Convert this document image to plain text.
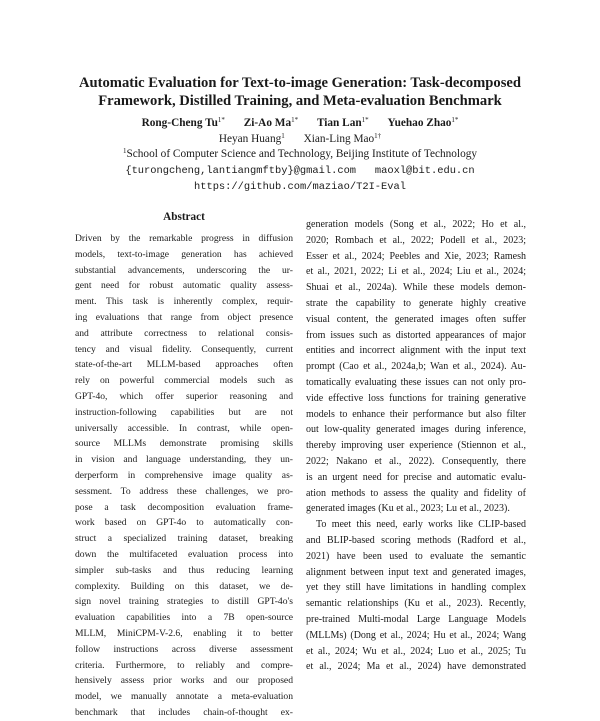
Automatic Evaluation for Text-to-image Generation: Task-decomposed
Framework, Distilled Training, and Meta-evaluation Benchmark
Rong-Cheng $Tu^{1*}$ Zi-Ao $Ma^{1*}$ Tian Lan$^{1*}$ Yuehao Zhao$^{1*}$
Heyan Huang$^1$ Xian-Ling Mao$^{1\dagger}$
$^1$School of Computer Science and Technology, Beijing Institute of Technology
{turongcheng,lantiangmftby}@gmail.com maoxl@bit.edu.cn
https://github.com/maziao/T2I-Eval
Abstract
Driven by the remarkable progress in diffusion
models, text-to-image generation has achieved
substantial advancements, underscoring the ur-
gent need for robust automatic quality assess-
ment. This task is inherently complex, requir-
ing evaluations that range from object presence
and attribute correctness to relational consis-
tency and visual fidelity. Consequently, current
state-of-the-art MLLM-based approaches often
rely on powerful commercial models such as
GPT-4o, which offer superior reasoning and
instruction-following capabilities but are not
universally accessible. In contrast, while open-
source MLLMs demonstrate promising skills
in vision and language understanding, they un-
derperform in comprehensive image quality as-
sessment. To address these challenges, we pro-
pose a task decomposition evaluation frame-
work based on GPT-4o to automatically con-
struct a specialized training dataset, breaking
down the multifaceted evaluation process into
simpler sub-tasks and thus reducing learning
complexity. Building on this dataset, we de-
sign novel training strategies to distill GPT-4o's
evaluation capabilities into a 7B open-source
MLLM, MiniCPM-V-2.6, enabling it to better
follow instructions across diverse assessment
criteria. Furthermore, to reliably and compre-
hensively assess prior works and our proposed
model, we manually annotate a meta-evaluation
benchmark that includes chain-of-thought ex-
generation models (Song et al., 2022; Ho et al.,
2020; Rombach et al., 2022; Podell et al., 2023;
Esser et al., 2024; Peebles and Xie, 2023; Ramesh
et al., 2021, 2022; Li et al., 2024; Liu et al., 2024;
Shuai et al., 2024a). While these models demon-
strate the capability to generate highly creative
visual content, the generated images often suffer
from issues such as distorted appearances of major
entities and incorrect alignment with the input text
prompt (Cao et al., 2024a,b; Wan et al., 2024). Au-
tomatically evaluating these issues can not only pro-
vide effective loss functions for training generative
models to enhance their performance but also filter
out low-quality generated images during inference,
thereby improving user experience (Stiennon et al.,
2022; Nakano et al., 2022). Consequently, there
is an urgent need for precise and automatic evalu-
ation methods to assess the quality and fidelity of
generated images (Ku et al., 2023; Lu et al., 2023).
To meet this need, early works like CLIP-based
and BLIP-based scoring methods (Radford et al.,
2021) have been used to evaluate the semantic
alignment between input text and generated images,
yet they still have limitations in handling complex
semantic relationships (Ku et al., 2023). Recently,
pre-trained Multi-modal Large Language Models
(MLLMs) (Dong et al., 2024; Hu et al., 2024; Wang
et al., 2024; Wu et al., 2024; Luo et al., 2025; Tu
et al., 2024; Ma et al., 2024) have demonstrated
